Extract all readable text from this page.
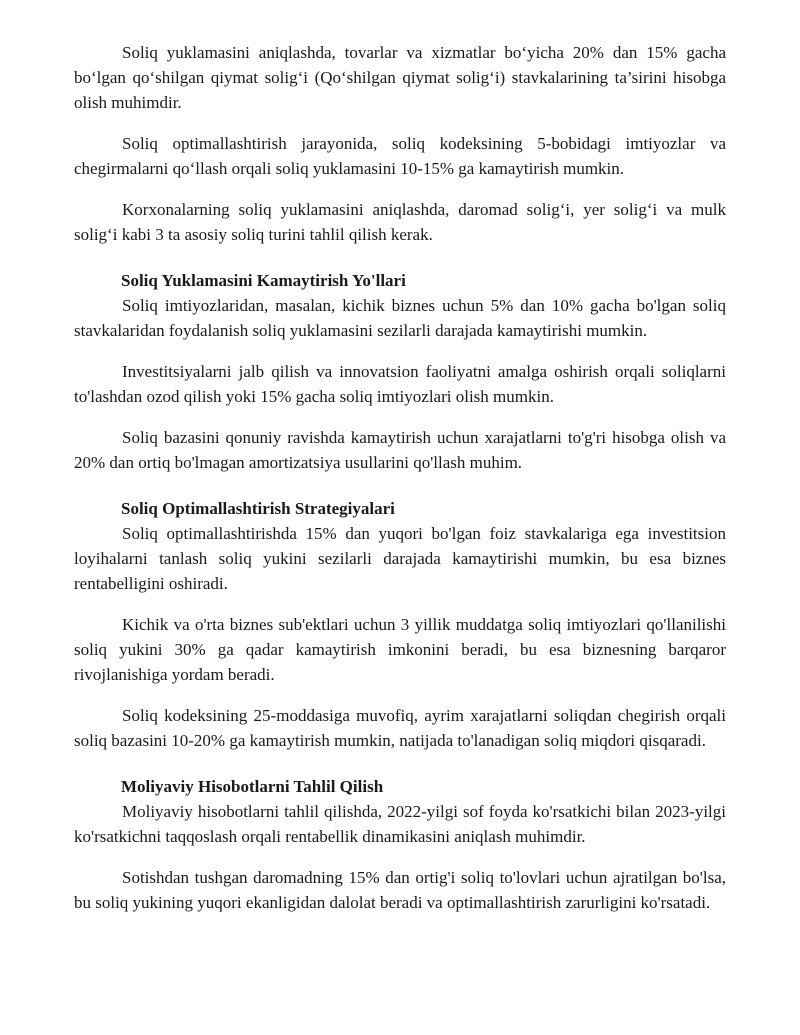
Soliq yuklamasini aniqlashda, tovarlar va xizmatlar bo‘yicha 20% dan 15% gacha bo‘lgan qo‘shilgan qiymat solig‘i (Qo‘shilgan qiymat solig‘i) stavkalarining ta’sirini hisobga olish muhimdir.

Soliq optimallashtirish jarayonida, soliq kodeksining 5-bobidagi imtiyozlar va chegirmalarni qo‘llash orqali soliq yuklamasini 10-15% ga kamaytirish mumkin.

Korxonalarning soliq yuklamasini aniqlashda, daromad solig‘i, yer solig‘i va mulk solig‘i kabi 3 ta asosiy soliq turini tahlil qilish kerak.

Soliq Yuklamasini Kamaytirish Yo'llari

Soliq imtiyozlaridan, masalan, kichik biznes uchun 5% dan 10% gacha bo'lgan soliq stavkalaridan foydalanish soliq yuklamasini sezilarli darajada kamaytirishi mumkin.

Investitsiyalarni jalb qilish va innovatsion faoliyatni amalga oshirish orqali soliqlarni to'lashdan ozod qilish yoki 15% gacha soliq imtiyozlari olish mumkin.

Soliq bazasini qonuniy ravishda kamaytirish uchun xarajatlarni to'g'ri hisobga olish va 20% dan ortiq bo'lmagan amortizatsiya usullarini qo'llash muhim.

Soliq Optimallashtirish Strategiyalari

Soliq optimallashtirishda 15% dan yuqori bo'lgan foiz stavkalariga ega investitsion loyihalarni tanlash soliq yukini sezilarli darajada kamaytirishi mumkin, bu esa biznes rentabelligini oshiradi.

Kichik va o'rta biznes sub'ektlari uchun 3 yillik muddatga soliq imtiyozlari qo'llanilishi soliq yukini 30% ga qadar kamaytirish imkonini beradi, bu esa biznesning barqaror rivojlanishiga yordam beradi.

Soliq kodeksining 25-moddasiga muvofiq, ayrim xarajatlarni soliqdan chegirish orqali soliq bazasini 10-20% ga kamaytirish mumkin, natijada to'lanadigan soliq miqdori qisqaradi.

Moliyaviy Hisobotlarni Tahlil Qilish

Moliyaviy hisobotlarni tahlil qilishda, 2022-yilgi sof foyda ko'rsatkichi bilan 2023-yilgi ko'rsatkichni taqqoslash orqali rentabellik dinamikasini aniqlash muhimdir.

Sotishdan tushgan daromadning 15% dan ortig'i soliq to'lovlari uchun ajratilgan bo'lsa, bu soliq yukining yuqori ekanligidan dalolat beradi va optimallashtirish zarurligini ko'rsatadi.
